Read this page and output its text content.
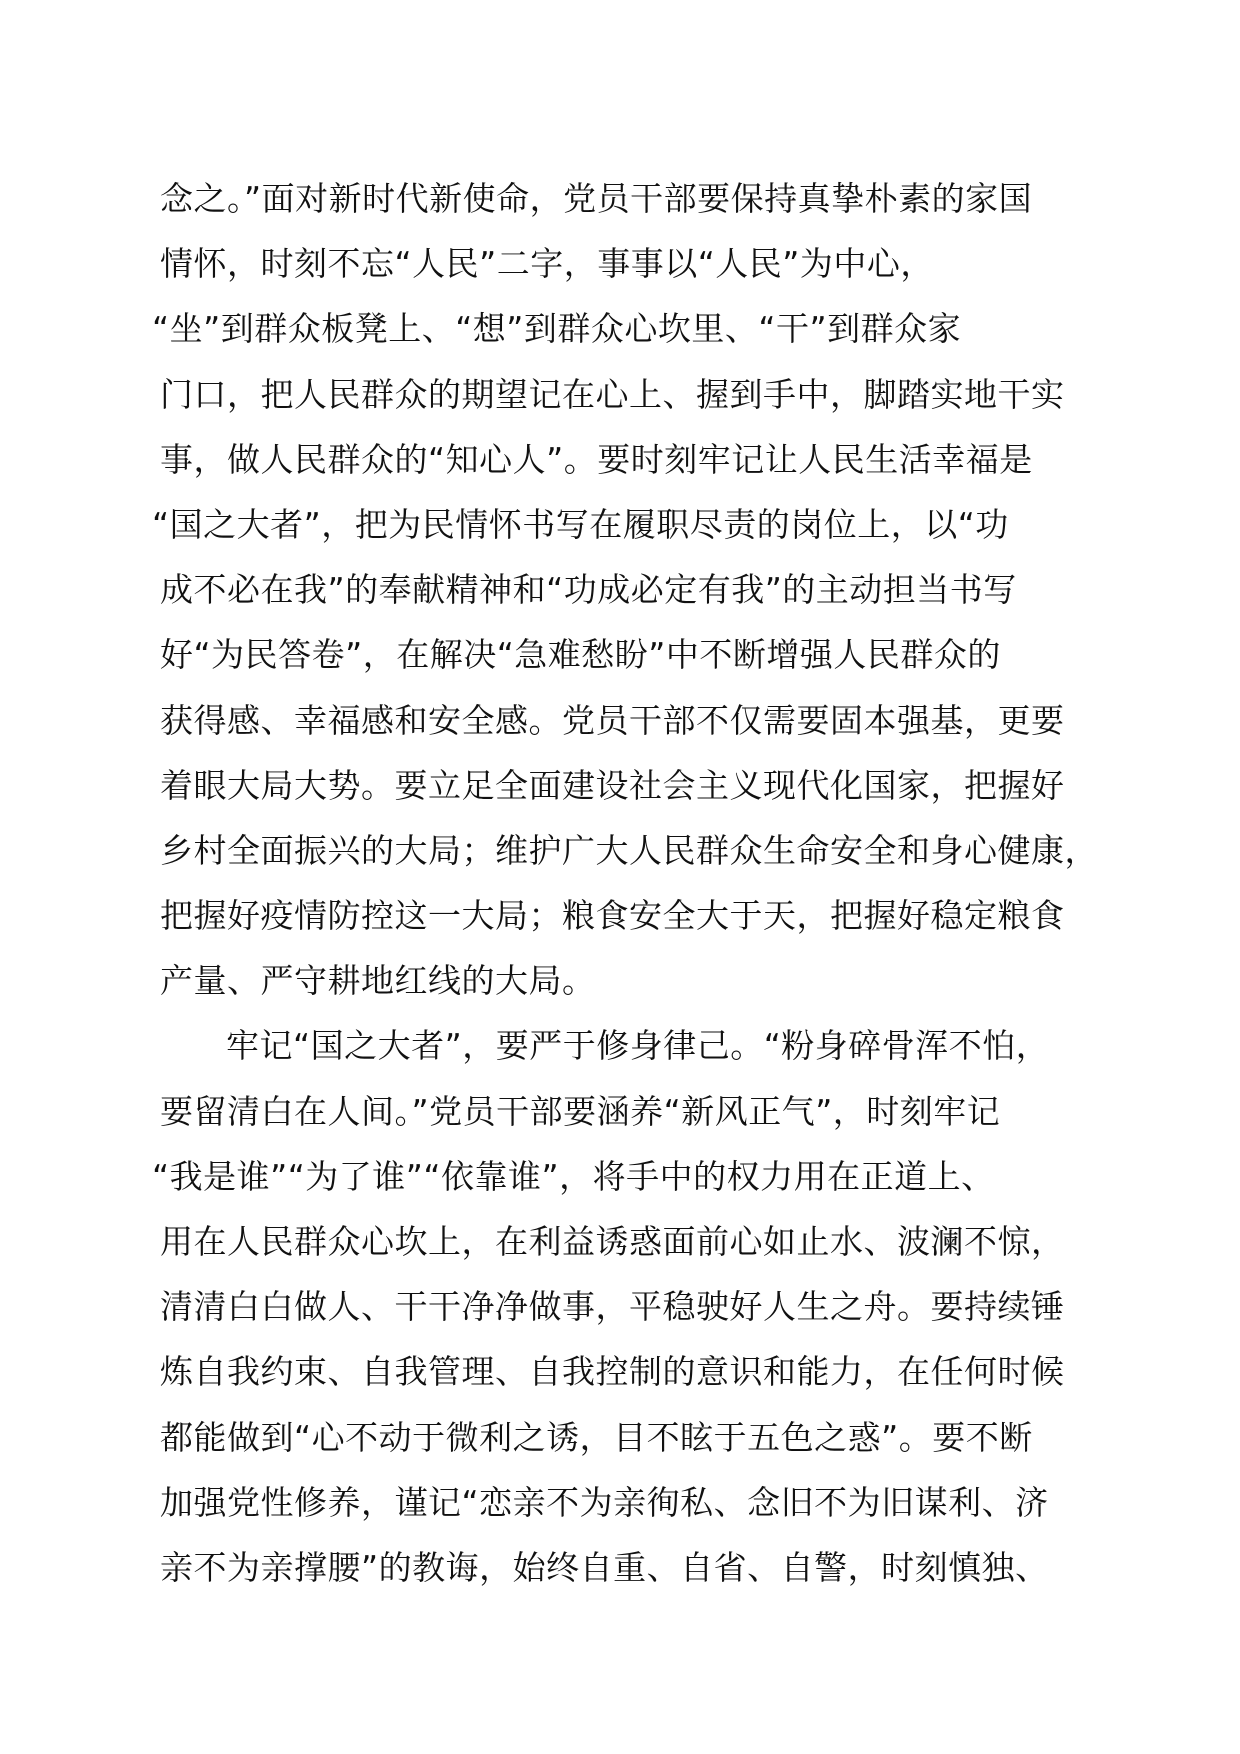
念之。”面对新时代新使命，党员干部要保持真挚朴素的家国
情怀，时刻不忘“人民”二字，事事以“人民”为中心，
“坐”到群众板凳上、“想”到群众心坎里、“干”到群众家
门口，把人民群众的期望记在心上、握到手中，脚踏实地干实
事，做人民群众的“知心人”。要时刻牢记让人民生活幸福是
“国之大者”，把为民情怀书写在履职尽责的岗位上，以“功
成不必在我”的奉献精神和“功成必定有我”的主动担当书写
好“为民答卷”，在解决“急难愁盼”中不断增强人民群众的
获得感、幸福感和安全感。党员干部不仅需要固本强基，更要
着眼大局大势。要立足全面建设社会主义现代化国家，把握好
乡村全面振兴的大局；维护广大人民群众生命安全和身心健康，
把握好疫情防控这一大局；粮食安全大于天，把握好稳定粮食
产量、严守耕地红线的大局。
牢记“国之大者”，要严于修身律己。“粉身碎骨浑不怕，
要留清白在人间。”党员干部要涵养“新风正气”，时刻牢记
“我是谁”“为了谁”“依靠谁”，将手中的权力用在正道上、
用在人民群众心坎上，在利益诱惑面前心如止水、波澜不惊，
清清白白做人、干干净净做事，平稳驶好人生之舟。要持续锤
炼自我约束、自我管理、自我控制的意识和能力，在任何时候
都能做到“心不动于微利之诱，目不眩于五色之惑”。要不断
加强党性修养，谨记“恋亲不为亲徇私、念旧不为旧谋利、济
亲不为亲撑腰”的教诲，始终自重、自省、自警，时刻慎独、
